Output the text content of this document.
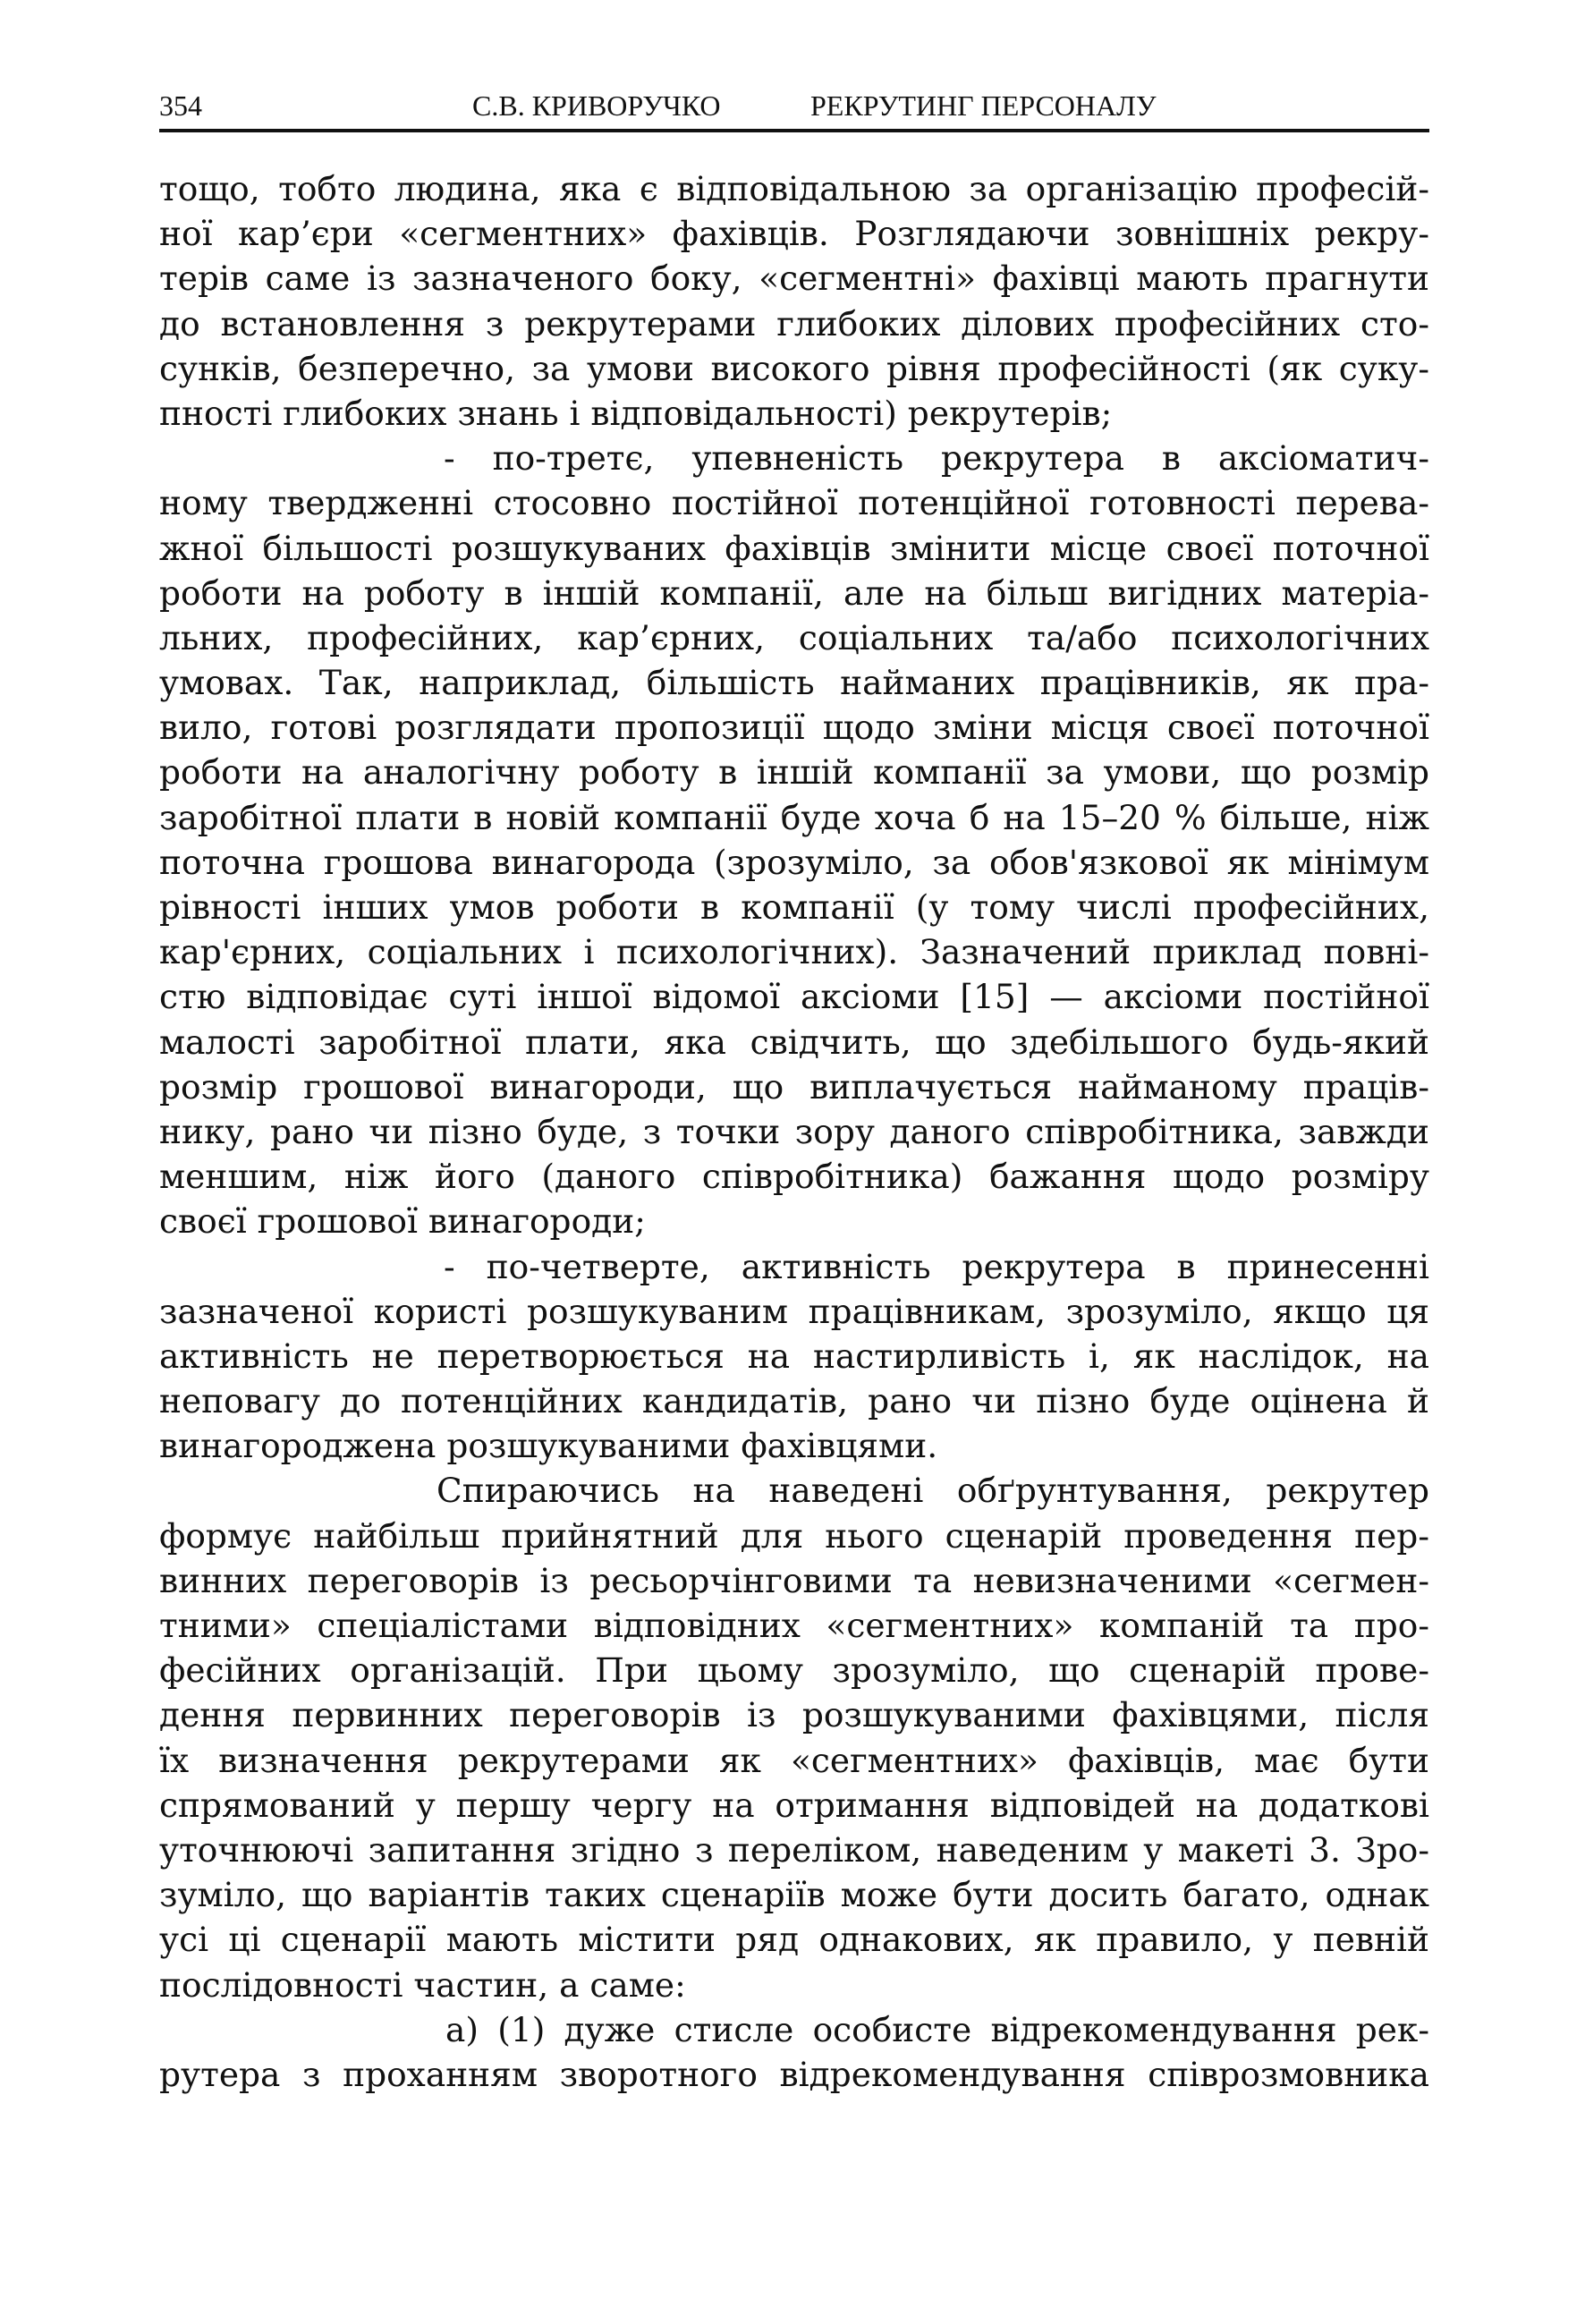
354	С.В. КРИВОРУЧКО	РЕКРУТИНГ ПЕРСОНАЛУ
тощо, тобто людина, яка є відповідальною за організацію професій-
ної кар’єри «сегментних» фахівців. Розглядаючи зовнішніх рекру-
терів саме із зазначеного боку, «сегментні» фахівці мають прагнути
до встановлення з рекрутерами глибоких ділових професійних сто-
сунків, безперечно, за умови високого рівня професійності (як суку-
пності глибоких знань і відповідальності) рекрутерів;
- по-третє, упевненість рекрутера в аксіоматич-
ному твердженні стосовно постійної потенційної готовності перева-
жної більшості розшукуваних фахівців змінити місце своєї поточної
роботи на роботу в іншій компанії, але на більш вигідних матеріа-
льних, професійних, кар’єрних, соціальних та/або психологічних
умовах. Так, наприклад, більшість найманих працівників, як пра-
вило, готові розглядати пропозиції щодо зміни місця своєї поточної
роботи на аналогічну роботу в іншій компанії за умови, що розмір
заробітної плати в новій компанії буде хоча б на 15–20 % більше, ніж
поточна грошова винагорода (зрозуміло, за обов'язкової як мінімум
рівності інших умов роботи в компанії (у тому числі професійних,
кар'єрних, соціальних і психологічних). Зазначений приклад повні-
стю відповідає суті іншої відомої аксіоми [15] — аксіоми постійної
малості заробітної плати, яка свідчить, що здебільшого будь-який
розмір грошової винагороди, що виплачується найманому праців-
нику, рано чи пізно буде, з точки зору даного співробітника, завжди
меншим, ніж його (даного співробітника) бажання щодо розміру
своєї грошової винагороди;
- по-четверте, активність рекрутера в принесенні
зазначеної користі розшукуваним працівникам, зрозуміло, якщо ця
активність не перетворюється на настирливість і, як наслідок, на
неповагу до потенційних кандидатів, рано чи пізно буде оцінена й
винагороджена розшукуваними фахівцями.
Спираючись на наведені обґрунтування, рекрутер
формує найбільш прийнятний для нього сценарій проведення пер-
винних переговорів із ресьорчінговими та невизначеними «сегмен-
тними» спеціалістами відповідних «сегментних» компаній та про-
фесійних організацій. При цьому зрозуміло, що сценарій прове-
дення первинних переговорів із розшукуваними фахівцями, після
їх визначення рекрутерами як «сегментних» фахівців, має бути
спрямований у першу чергу на отримання відповідей на додаткові
уточнюючі запитання згідно з переліком, наведеним у макеті 3. Зро-
зуміло, що варіантів таких сценаріїв може бути досить багато, однак
усі ці сценарії мають містити ряд однакових, як правило, у певній
послідовності частин, а саме:
а) (1) дуже стисле особисте відрекомендування рек-
рутера з проханням зворотного відрекомендування співрозмовника
